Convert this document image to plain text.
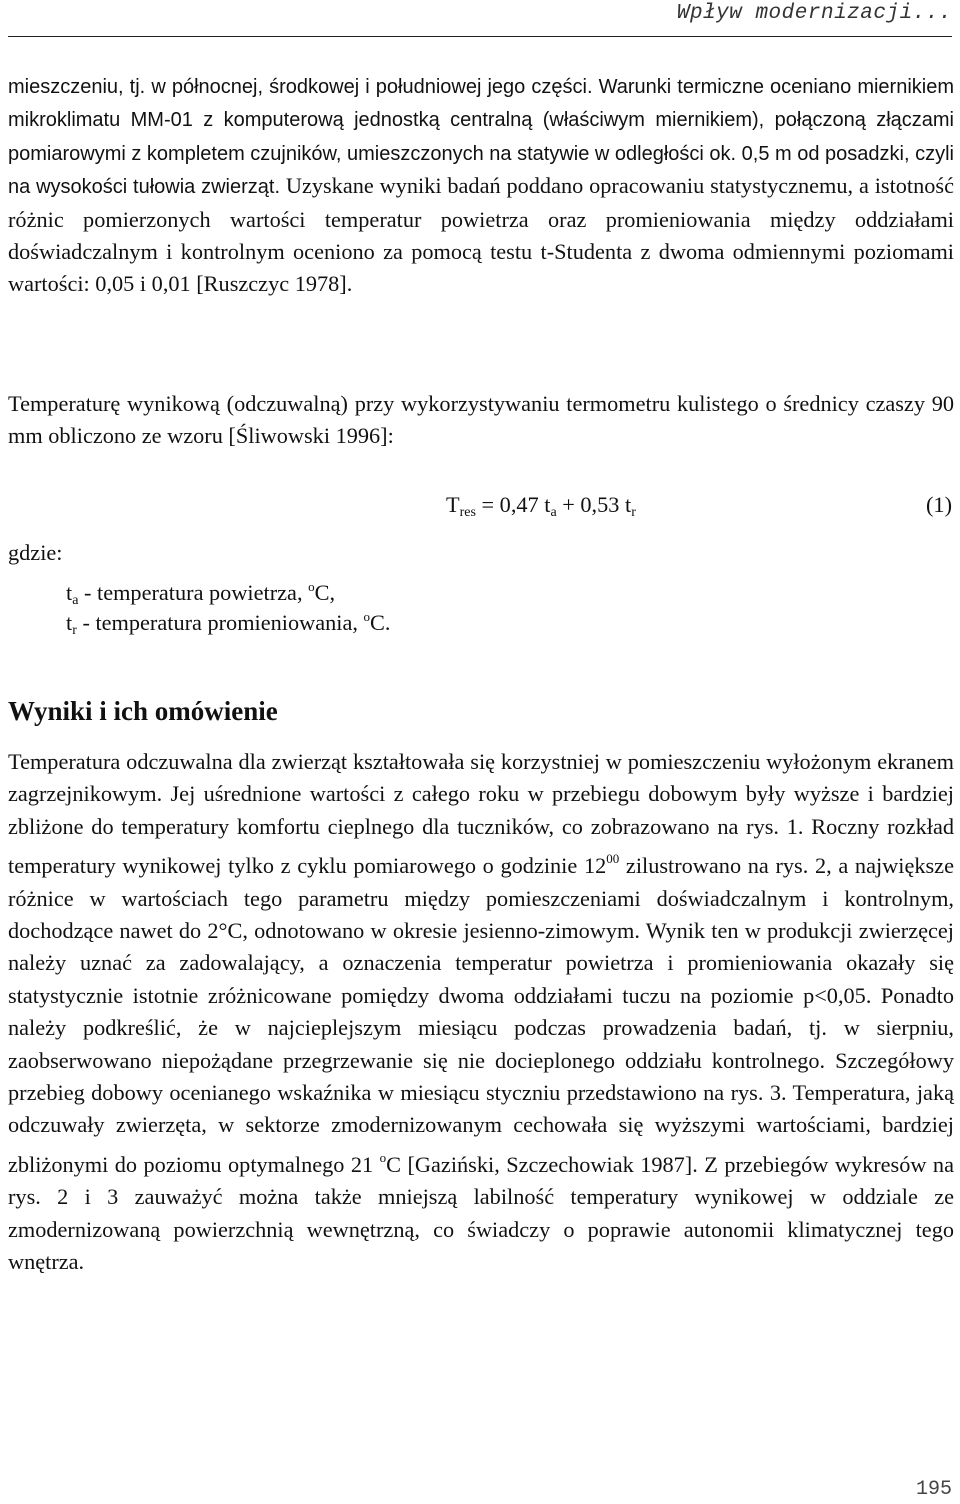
Wpływ modernizacji...

mieszczeniu, tj. w północnej, środkowej i południowej jego części. Warunki termiczne oceniano miernikiem mikroklimatu MM-01 z komputerową jednostką centralną (właściwym miernikiem), połączoną złączami pomiarowymi z kompletem czujników, umieszczonych na statywie w odległości ok. 0,5 m od posadzki, czyli na wysokości tułowia zwierząt. Uzyskane wyniki badań poddano opracowaniu statystycznemu, a istotność różnic pomierzonych wartości temperatur powietrza oraz promieniowania między oddziałami doświadczalnym i kontrolnym oceniono za pomocą testu t-Studenta z dwoma odmiennymi poziomami wartości: 0,05 i 0,01 [Ruszczyc 1978].

Temperaturę wynikową (odczuwalną) przy wykorzystywaniu termometru kulistego o średnicy czaszy 90 mm obliczono ze wzoru [Śliwowski 1996]:

$T_{res} = 0,47$ $t_a + 0,53$ $t_r$	(1)
gdzie:
$t_a$ - temperatura powietrza, $^o$C,
$t_r$ - temperatura promieniowania, $^o$C.
Wyniki i ich omówienie

Temperatura odczuwalna dla zwierząt kształtowała się korzystniej w pomieszczeniu wyłożonym ekranem zagrzejnikowym. Jej uśrednione wartości z całego roku w przebiegu dobowym były wyższe i bardziej zbliżone do temperatury komfortu cieplnego dla tuczników, co zobrazowano na rys. 1. Roczny rozkład temperatury wynikowej tylko z cyklu pomiarowego o godzinie $12^{00}$ zilustrowano na rys. 2, a największe różnice w wartościach tego parametru między pomieszczeniami doświadczalnym i kontrolnym, dochodzące nawet do 2°C, odnotowano w okresie jesienno-zimowym. Wynik ten w produkcji zwierzęcej należy uznać za zadowalający, a oznaczenia temperatur powietrza i promieniowania okazały się statystycznie istotnie zróżnicowane pomiędzy dwoma oddziałami tuczu na poziomie p<0,05. Ponadto należy podkreślić, że w najcieplejszym miesiącu podczas prowadzenia badań, tj. w sierpniu, zaobserwowano niepożądane przegrzewanie się nie docieplonego oddziału kontrolnego. Szczegółowy przebieg dobowy ocenianego wskaźnika w miesiącu styczniu przedstawiono na rys. 3. Temperatura, jaką odczuwały zwierzęta, w sektorze zmodernizowanym cechowała się wyższymi wartościami, bardziej zbliżonymi do poziomu optymalnego 21 $^o$C [Gaziński, Szczechowiak 1987]. Z przebiegów wykresów na rys. 2 i 3 zauważyć można także mniejszą labilność temperatury wynikowej w oddziale ze zmodernizowaną powierzchnią wewnętrzną, co świadczy o poprawie autonomii klimatycznej tego wnętrza.

195
